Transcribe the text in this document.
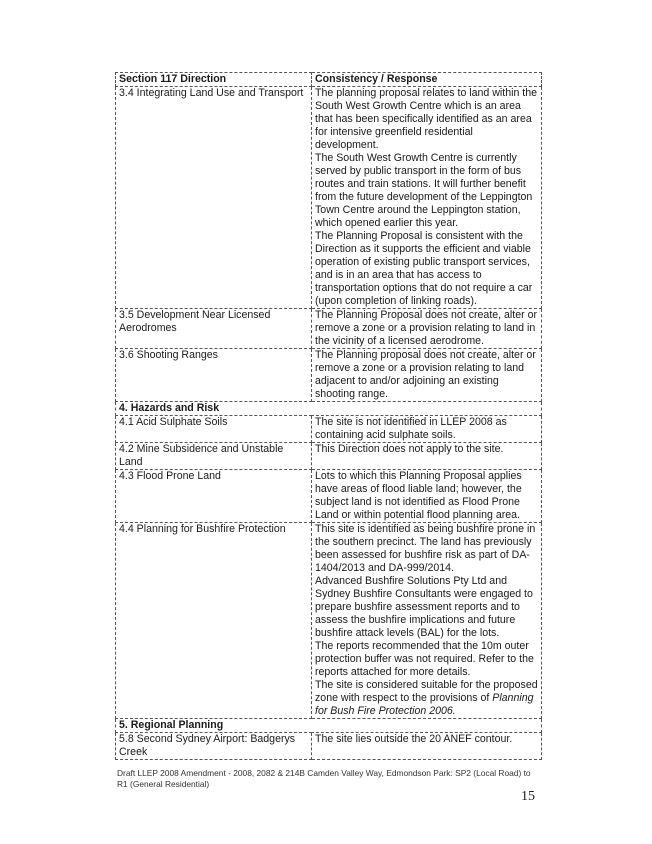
Section 117 Direction	Consistency / Response
3.4 Integrating Land Use and Transport	The planning proposal relates to land within the South West Growth Centre which is an area that has been specifically identified as an area for intensive greenfield residential development.
The South West Growth Centre is currently served by public transport in the form of bus routes and train stations. It will further benefit from the future development of the Leppington Town Centre around the Leppington station, which opened earlier this year.
The Planning Proposal is consistent with the Direction as it supports the efficient and viable operation of existing public transport services, and is in an area that has access to transportation options that do not require a car (upon completion of linking roads).

3.5 Development Near Licensed Aerodromes	The Planning Proposal does not create, alter or remove a zone or a provision relating to land in the vicinity of a licensed aerodrome.

3.6 Shooting Ranges	The Planning proposal does not create, alter or remove a zone or a provision relating to land adjacent to and/or adjoining an existing shooting range.

4. Hazards and Risk	
4.1 Acid Sulphate Soils	The site is not identified in LLEP 2008 as containing acid sulphate soils.

4.2 Mine Subsidence and Unstable Land	This Direction does not apply to the site.

4.3 Flood Prone Land	Lots to which this Planning Proposal applies have areas of flood liable land; however, the subject land is not identified as Flood Prone Land or within potential flood planning area.

4.4 Planning for Bushfire Protection	This site is identified as being bushfire prone in the southern precinct. The land has previously been assessed for bushfire risk as part of DA-1404/2013 and DA-999/2014.
Advanced Bushfire Solutions Pty Ltd and Sydney Bushfire Consultants were engaged to prepare bushfire assessment reports and to assess the bushfire implications and future bushfire attack levels (BAL) for the lots.
The reports recommended that the 10m outer protection buffer was not required. Refer to the reports attached for more details.
The site is considered suitable for the proposed zone with respect to the provisions of Planning for Bush Fire Protection 2006.

5. Regional Planning	
5.8 Second Sydney Airport: Badgerys Creek	The site lies outside the 20 ANEF contour.
Draft LLEP 2008 Amendment - 2008, 2082 & 214B Camden Valley Way, Edmondson Park: SP2 (Local Road) to R1 (General Residential)
15
